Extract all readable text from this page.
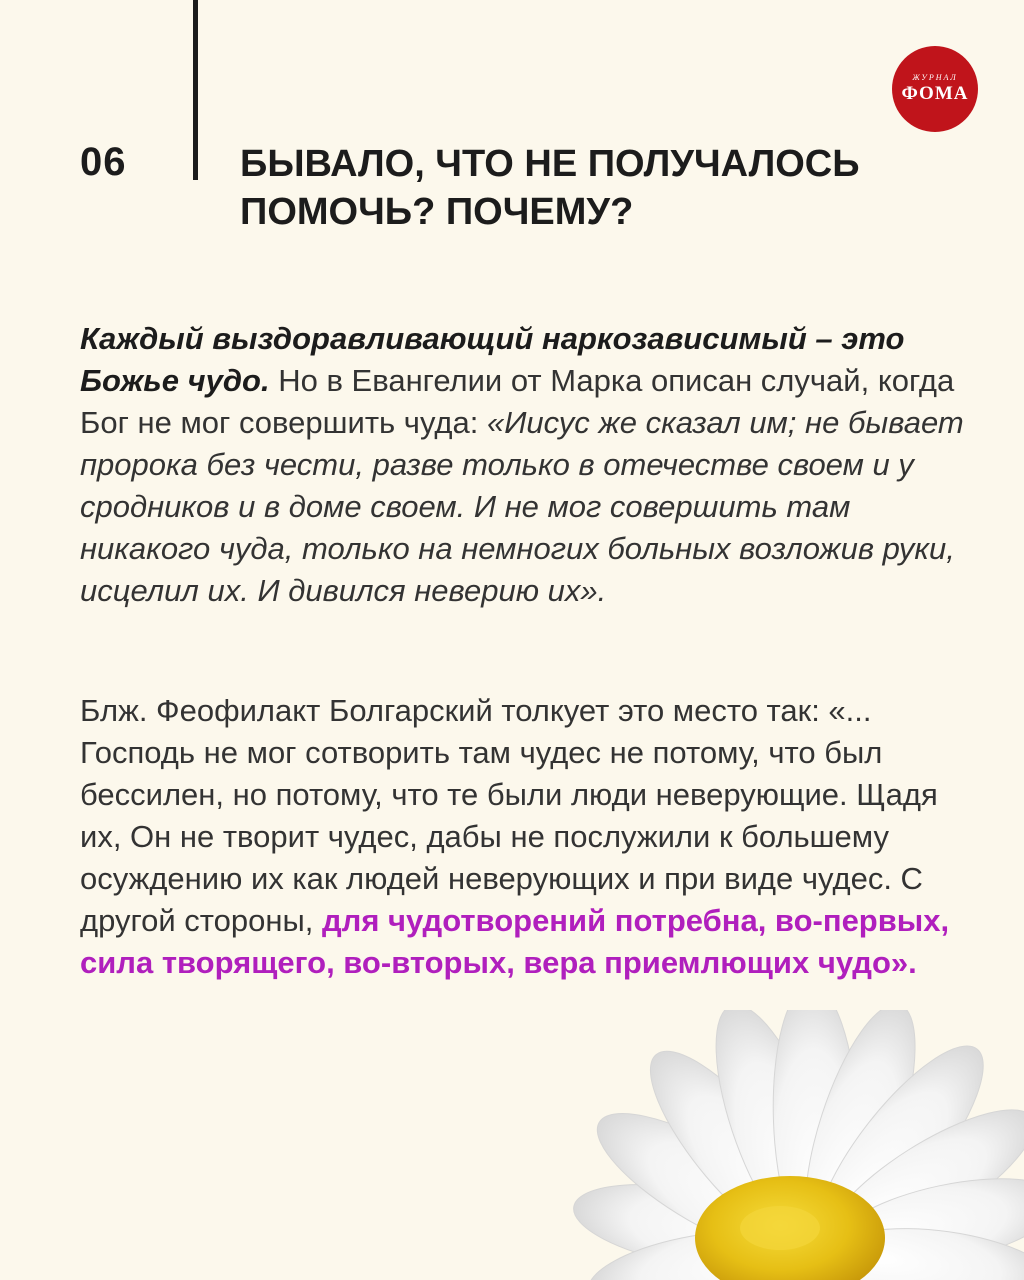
ЖУРНАЛ
ФОМА
06	БЫВАЛО, ЧТО НЕ ПОЛУЧАЛОСЬ ПОМОЧЬ? ПОЧЕМУ?
Каждый выздоравливающий наркозависимый – это Божье чудо. Но в Евангелии от Марка описан случай, когда Бог не мог совершить чуда: «Иисус же сказал им; не бывает пророка без чести, разве только в отечестве своем и у сродников и в доме своем. И не мог совершить там никакого чуда, только на немногих больных возложив руки, исцелил их. И дивился неверию их».
Блж. Феофилакт Болгарский толкует это место так: «... Господь не мог сотворить там чудес не потому, что был бессилен, но потому, что те были люди неверующие. Щадя их, Он не творит чудес, дабы не послужили к большему осуждению их как людей неверующих и при виде чудес. С другой стороны, для чудотворений потребна, во-первых, сила творящего, во-вторых, вера приемлющих чудо».
